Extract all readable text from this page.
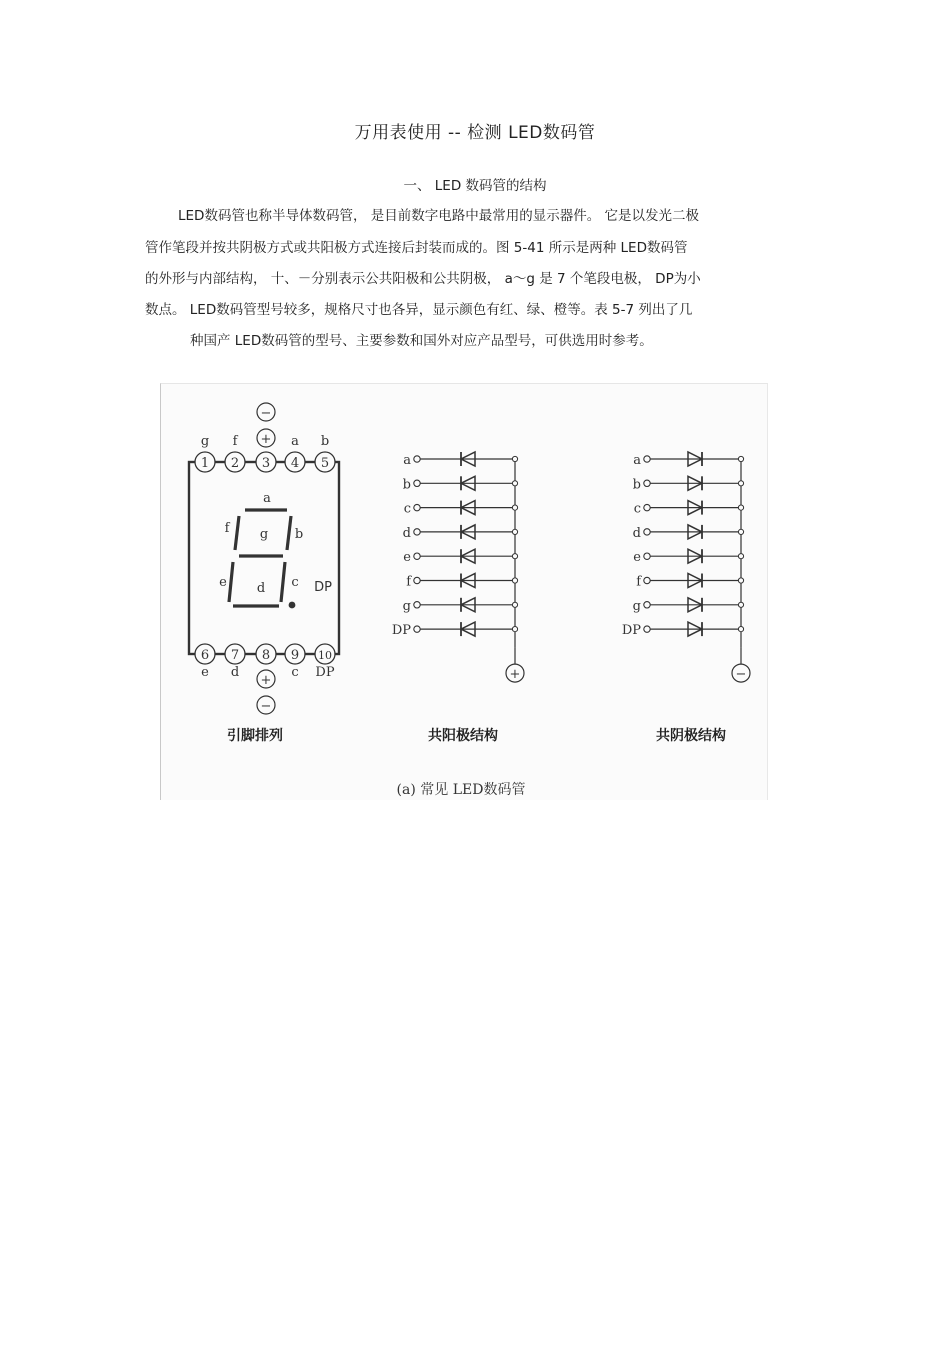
万用表使用 -- 检测 LED数码管
一、 LED 数码管的结构
LED数码管也称半导体数码管， 是目前数字电路中最常用的显示器件。 它是以发光二极
管作笔段并按共阴极方式或共阳极方式连接后封装而成的。图 5-41 所示是两种 LED数码管
的外形与内部结构， 十、－分别表示公共阳极和公共阴极， a～g 是 7 个笔段电极， DP为小
数点。 LED数码管型号较多，规格尺寸也各异，显示颜色有红、绿、橙等。表 5-7 列出了几
种国产 LED数码管的型号、主要参数和国外对应产品型号，可供选用时参考。
1
g
2
f
3 4
a
5
b
6
e
7
d
8 9
c
10
DP
+
−
+
−
a
f g b
e d c DP
a
b
c
d
e
f
g
DP
+
a
b
c
d
e
f
g
DP
−
引脚排列	共阳极结构	共阴极结构
(a) 常见 LED数码管
